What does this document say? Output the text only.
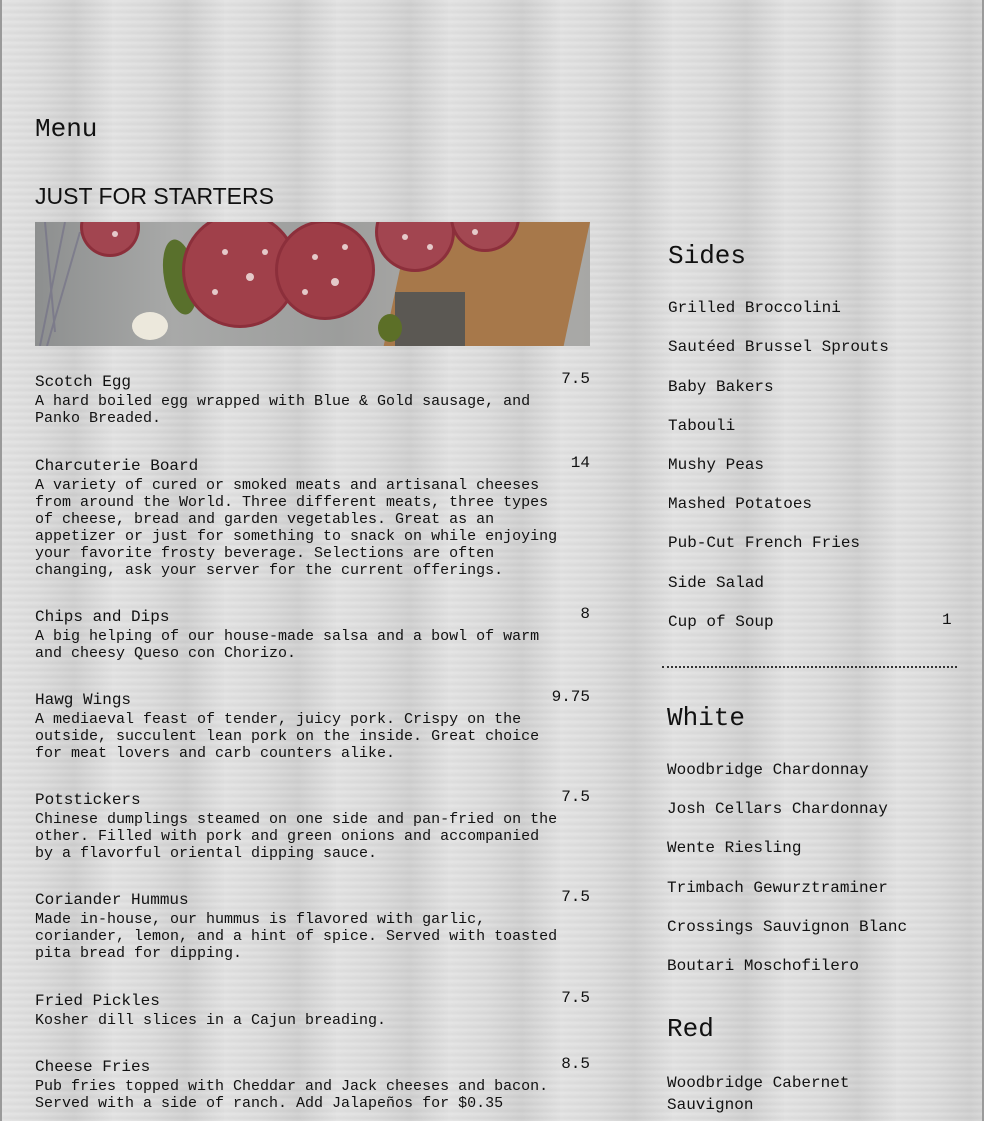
Menu
JUST FOR STARTERS
Scotch Egg	7.5
A hard boiled egg wrapped with Blue & Gold sausage, and Panko Breaded.
Charcuterie Board	14
A variety of cured or smoked meats and artisanal cheeses from around the World. Three different meats, three types of cheese, bread and garden vegetables. Great as an appetizer or just for something to snack on while enjoying your favorite frosty beverage. Selections are often changing, ask your server for the current offerings.
Chips and Dips	8
A big helping of our house-made salsa and a bowl of warm and cheesy Queso con Chorizo.
Hawg Wings	9.75
A mediaeval feast of tender, juicy pork. Crispy on the outside, succulent lean pork on the inside. Great choice for meat lovers and carb counters alike.
Potstickers	7.5
Chinese dumplings steamed on one side and pan-fried on the other. Filled with pork and green onions and accompanied by a flavorful oriental dipping sauce.
Coriander Hummus	7.5
Made in-house, our hummus is flavored with garlic, coriander, lemon, and a hint of spice. Served with toasted pita bread for dipping.
Fried Pickles	7.5
Kosher dill slices in a Cajun breading.
Cheese Fries	8.5
Pub fries topped with Cheddar and Jack cheeses and bacon. Served with a side of ranch. Add Jalapeños for $0.35
Sides
Grilled Broccolini
Sautéed Brussel Sprouts
Baby Bakers
Tabouli
Mushy Peas
Mashed Potatoes
Pub-Cut French Fries
Side Salad
Cup of Soup	1
White
Woodbridge Chardonnay
Josh Cellars Chardonnay
Wente Riesling
Trimbach Gewurztraminer
Crossings Sauvignon Blanc
Boutari Moschofilero
Red
Woodbridge Cabernet Sauvignon
